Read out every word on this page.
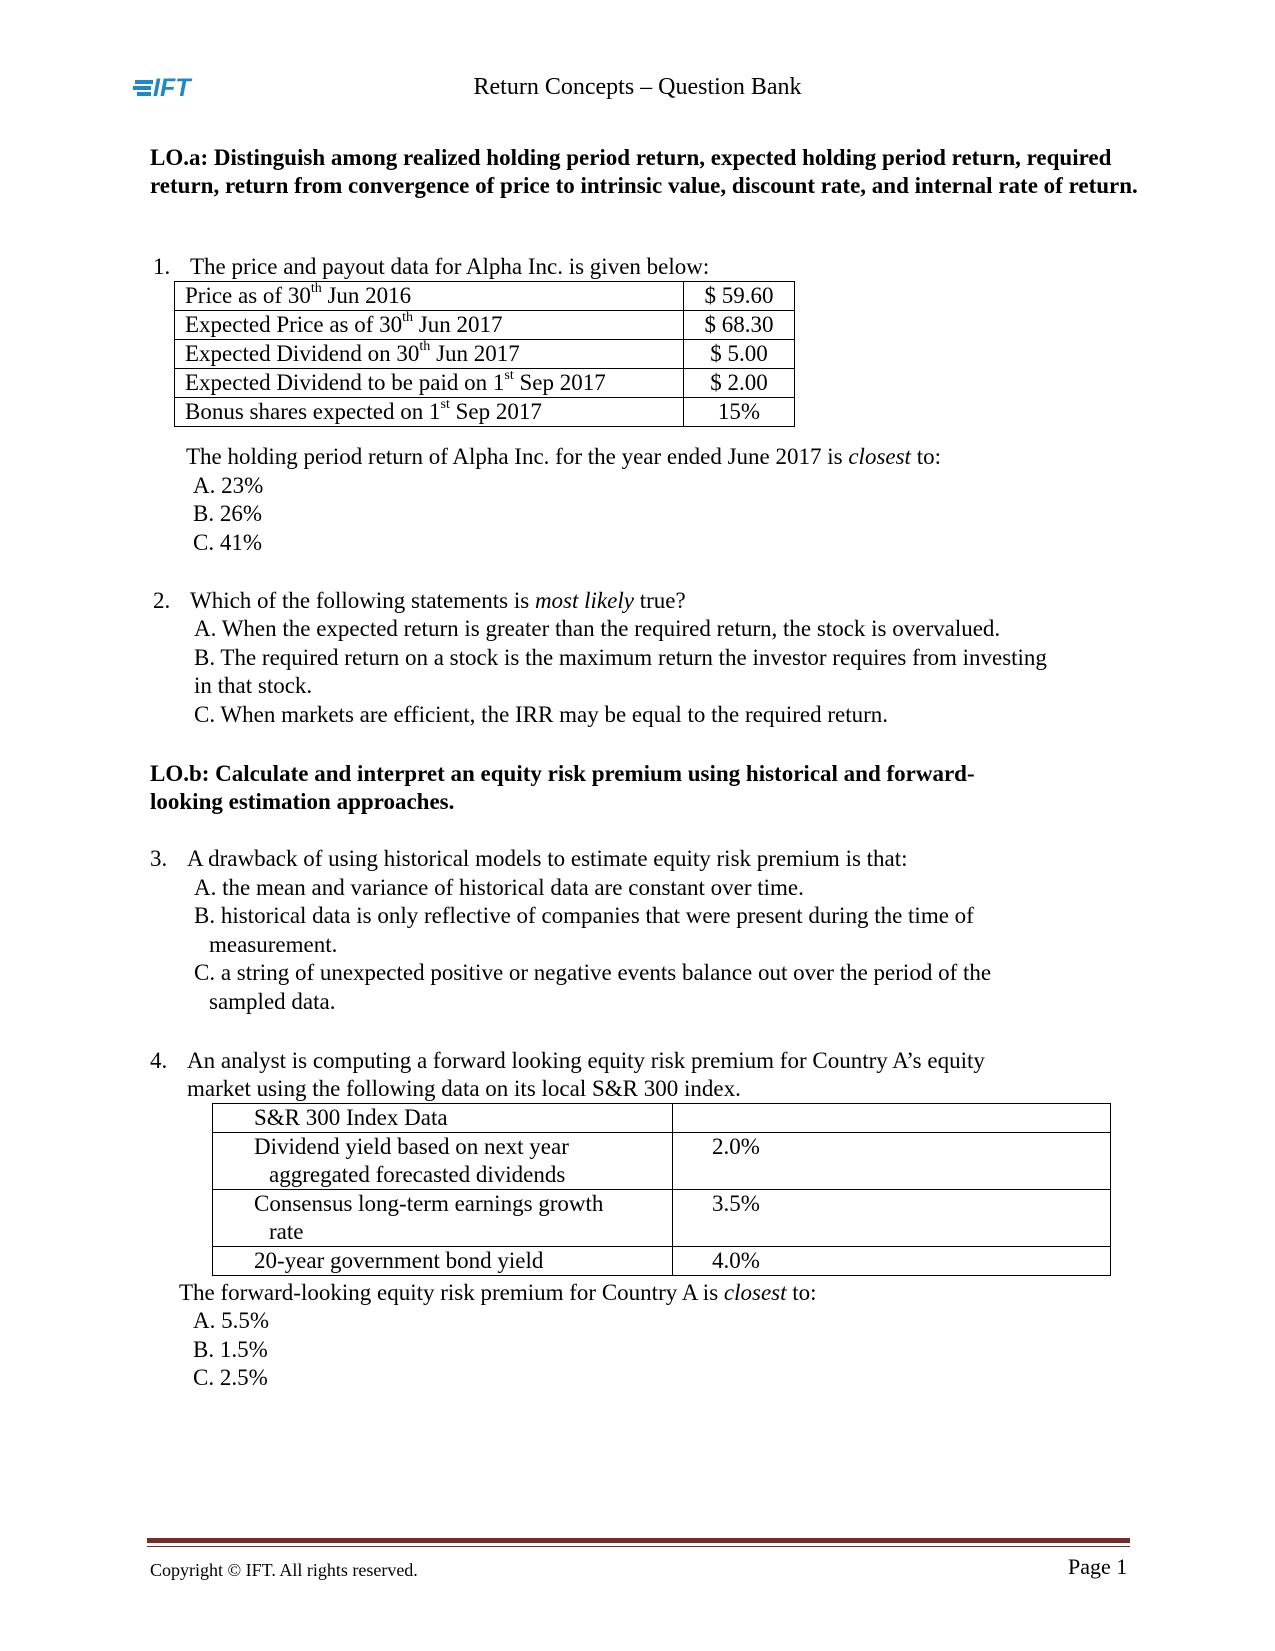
IFT	Return Concepts – Question Bank
LO.a: Distinguish among realized holding period return, expected holding period return, required return, return from convergence of price to intrinsic value, discount rate, and internal rate of return.
1. The price and payout data for Alpha Inc. is given below:
Price as of 30th Jun 2016	$ 59.60
Expected Price as of 30th Jun 2017	$ 68.30
Expected Dividend on 30th Jun 2017	$ 5.00
Expected Dividend to be paid on 1st Sep 2017	$ 2.00
Bonus shares expected on 1st Sep 2017	15%
The holding period return of Alpha Inc. for the year ended June 2017 is closest to:
A. 23%
B. 26%
C. 41%
2. Which of the following statements is most likely true?
A. When the expected return is greater than the required return, the stock is overvalued.
B. The required return on a stock is the maximum return the investor requires from investing
in that stock.
C. When markets are efficient, the IRR may be equal to the required return.
LO.b: Calculate and interpret an equity risk premium using historical and forward-
looking estimation approaches.
3. A drawback of using historical models to estimate equity risk premium is that:
A. the mean and variance of historical data are constant over time.
B. historical data is only reflective of companies that were present during the time of
measurement.
C. a string of unexpected positive or negative events balance out over the period of the
sampled data.
4. An analyst is computing a forward looking equity risk premium for Country A’s equity
market using the following data on its local S&R 300 index.
S&R 300 Index Data	

Dividend yield based on next year
aggregated forecasted dividends	2.0%

Consensus long-term earnings growth
rate	3.5%
20-year government bond yield	4.0%
The forward-looking equity risk premium for Country A is closest to:
A. 5.5%
B. 1.5%
C. 2.5%
Copyright © IFT. All rights reserved.	Page 1
